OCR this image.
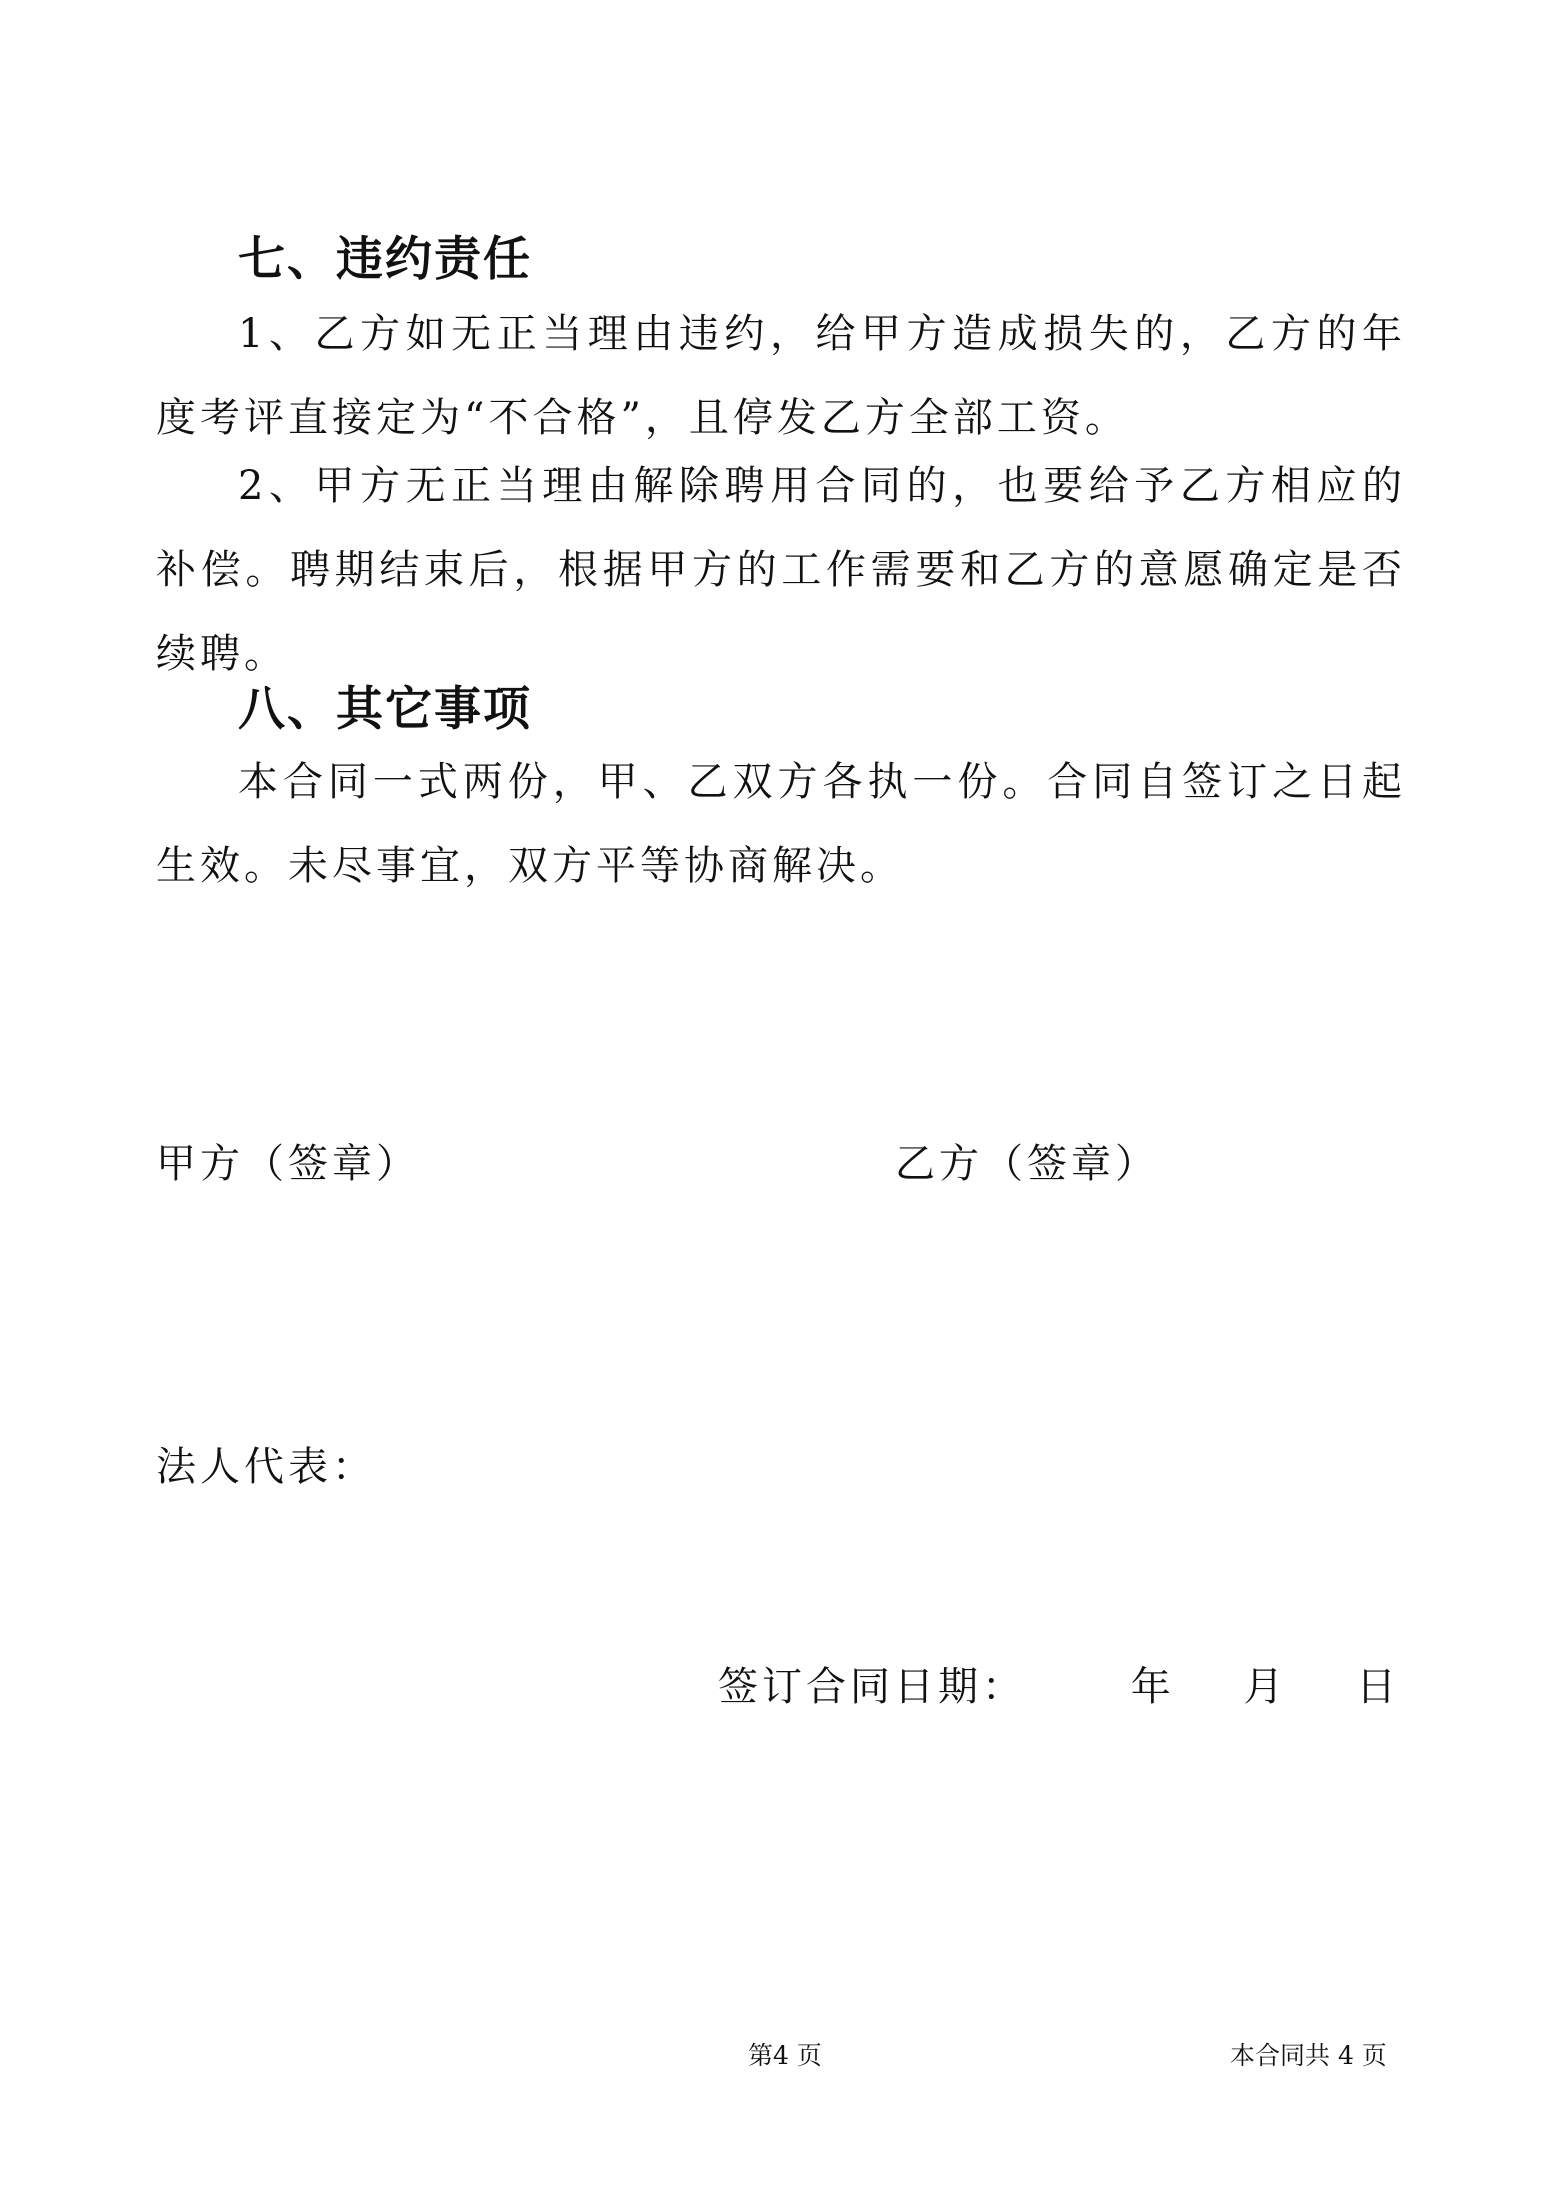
七、违约责任

1、乙方如无正当理由违约，给甲方造成损失的，乙方的年度考评直接定为“不合格”，且停发乙方全部工资。

2、甲方无正当理由解除聘用合同的，也要给予乙方相应的补偿。聘期结束后，根据甲方的工作需要和乙方的意愿确定是否续聘。

八、其它事项

本合同一式两份，甲、乙双方各执一份。合同自签订之日起生效。未尽事宜，双方平等协商解决。

甲方（签章）	乙方（签章）
法人代表：
签订合同日期：	年 月 日
第4 页	本合同共 4 页
